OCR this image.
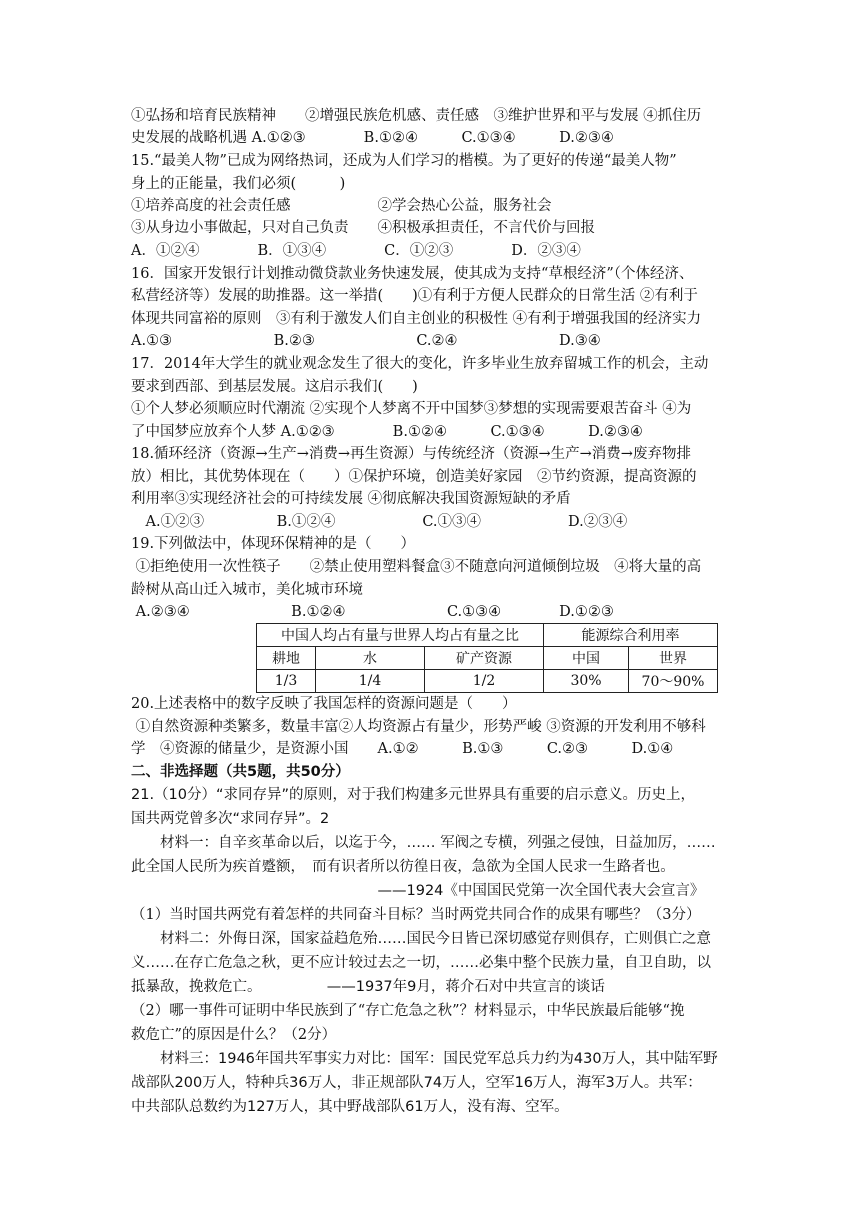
①弘扬和培育民族精神　　②增强民族危机感、责任感　③维护世界和平与发展 ④抓住历
史发展的战略机遇 A.①②③　　　　B.①②④　　　C.①③④　　　D.②③④
15.“最美人物”已成为网络热词，还成为人们学习的楷模。为了更好的传递“最美人物”
身上的正能量，我们必须(　　　)
①培养高度的社会责任感　　　　　　②学会热心公益，服务社会
③从身边小事做起，只对自己负责　　④积极承担责任，不言代价与回报
A．①②④　　　　B．①③④　　　　C．①②③　　　　D．②③④
16．国家开发银行计划推动微贷款业务快速发展，使其成为支持“草根经济”（个体经济、
私营经济等）发展的助推器。这一举措(　　)①有利于方便人民群众的日常生活 ②有利于
体现共同富裕的原则　③有利于激发人们自主创业的积极性 ④有利于增强我国的经济实力
A.①③　　　　　　　B.②③　　　　　　　C.②④　　　　　　　D.③④
17．2014年大学生的就业观念发生了很大的变化，许多毕业生放弃留城工作的机会，主动
要求到西部、到基层发展。这启示我们(　　)
①个人梦必须顺应时代潮流 ②实现个人梦离不开中国梦③梦想的实现需要艰苦奋斗 ④为
了中国梦应放弃个人梦 A.①②③　　　　B.①②④　　　C.①③④　　　D.②③④
18.循环经济（资源→生产→消费→再生资源）与传统经济（资源→生产→消费→废弃物排
放）相比，其优势体现在（　　）①保护环境，创造美好家园　②节约资源，提高资源的
利用率③实现经济社会的可持续发展 ④彻底解决我国资源短缺的矛盾
　A.①②③　　　　　B.①②④　　　　　　C.①③④　　　　　　D.②③④
19.下列做法中，体现环保精神的是（　　）
①拒绝使用一次性筷子　　②禁止使用塑料餐盒③不随意向河道倾倒垃圾　④将大量的高
龄树从高山迁入城市，美化城市环境
A.②③④　　　　　　　B.①②④　　　　　　　C.①③④　　　　D.①②③
中国人均占有量与世界人均占有量之比			能源综合利用率	
耕地	水	矿产资源	中国	世界
1/3	1/4	1/2	30%	70～90%
20.上述表格中的数字反映了我国怎样的资源问题是（　　）
①自然资源种类繁多，数量丰富②人均资源占有量少，形势严峻 ③资源的开发利用不够科
学　④资源的储量少，是资源小国　　A.①②　　　B.①③　　　C.②③　　　D.①④
二、非选择题（共5题，共50分）
21.（10分）“求同存异”的原则，对于我们构建多元世界具有重要的启示意义。历史上，
国共两党曾多次“求同存异”。2
　　材料一：自辛亥革命以后，以迄于今，…… 军阀之专横，列强之侵蚀，日益加厉，……
此全国人民所为疾首蹙额，　而有识者所以彷徨日夜，急欲为全国人民求一生路者也。
　　　　　　　　　　　　　　　　　——1924《中国国民党第一次全国代表大会宣言》
（1）当时国共两党有着怎样的共同奋斗目标？当时两党共同合作的成果有哪些？（3分）
　　材料二：外侮日深，国家益趋危殆……国民今日皆已深切感觉存则俱存，亡则俱亡之意
义……在存亡危急之秋，更不应计较过去之一切，……必集中整个民族力量，自卫自助，以
抵暴敌，挽救危亡。　　　　　——1937年9月，蒋介石对中共宣言的谈话
（2）哪一事件可证明中华民族到了“存亡危急之秋”？材料显示，中华民族最后能够“挽
救危亡”的原因是什么？（2分）
　　材料三：1946年国共军事实力对比：国军：国民党军总兵力约为430万人，其中陆军野
战部队200万人，特种兵36万人，非正规部队74万人，空军16万人，海军3万人。共军：
中共部队总数约为127万人，其中野战部队61万人，没有海、空军。
